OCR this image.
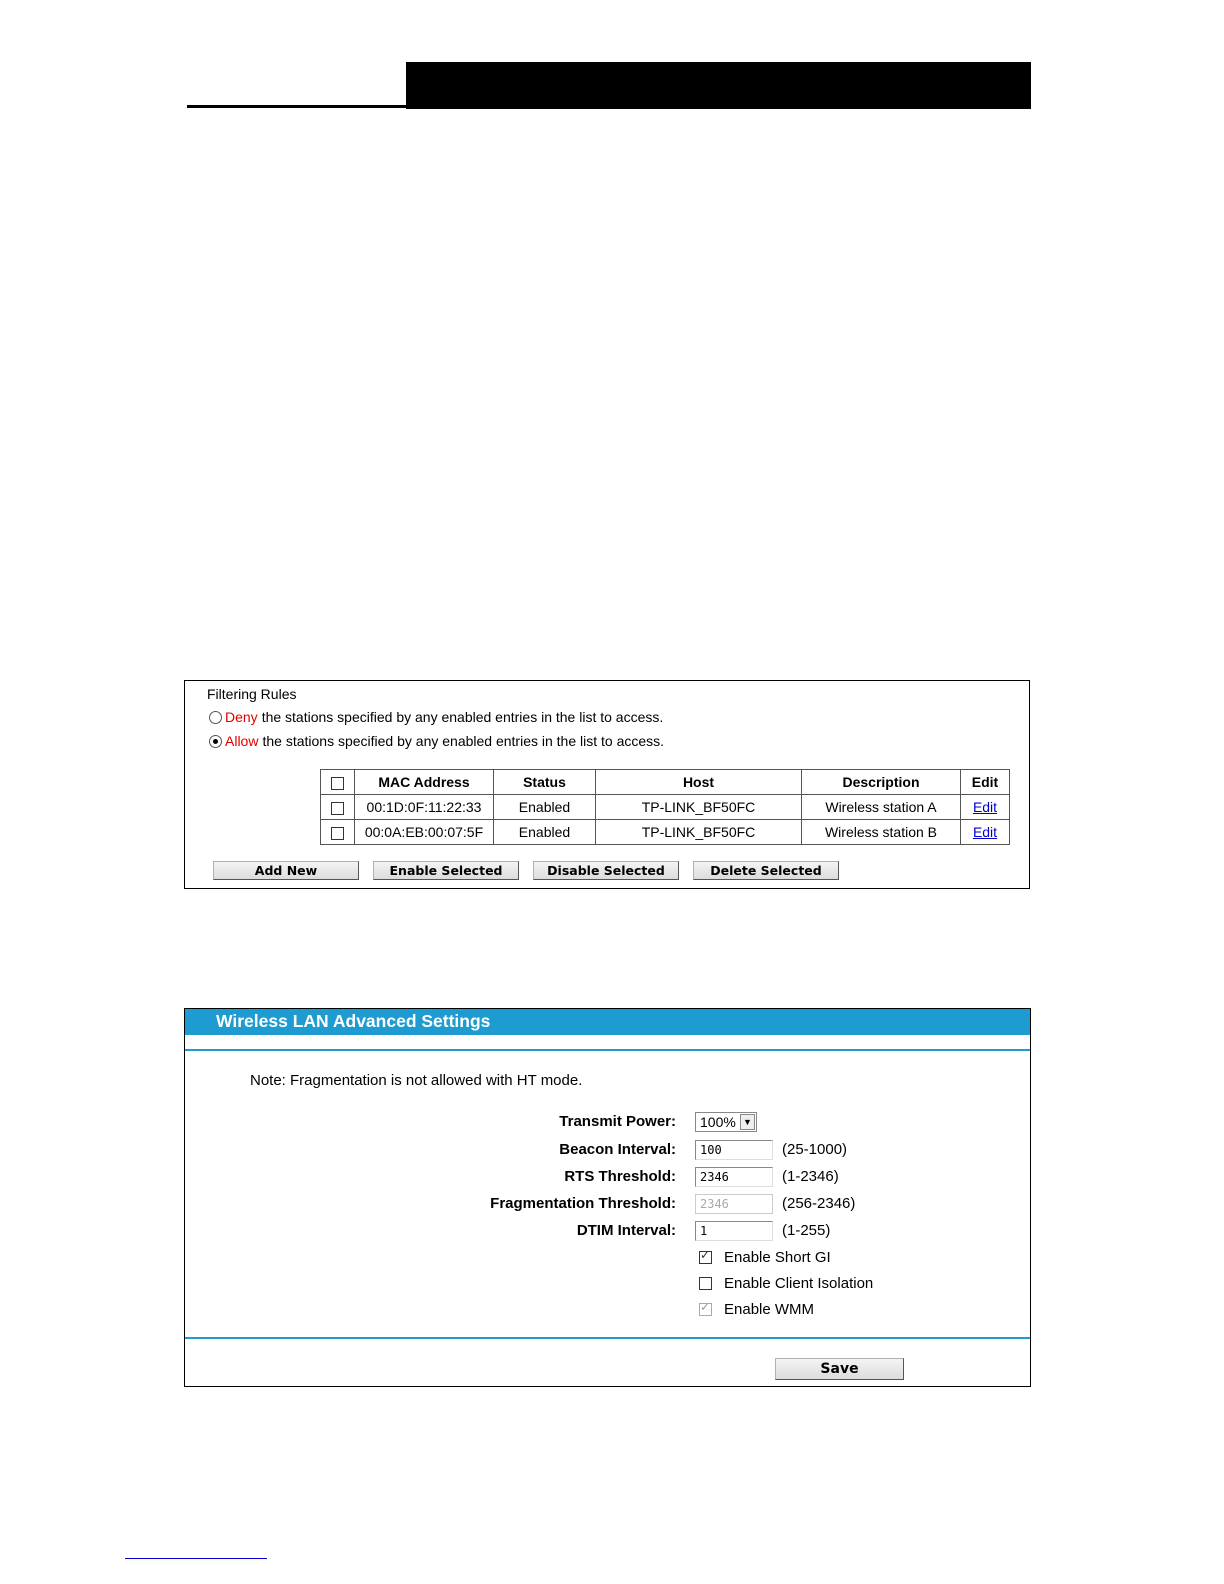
Filtering Rules
Deny the stations specified by any enabled entries in the list to access.
Allow the stations specified by any enabled entries in the list to access.
	MAC Address	Status	Host	Description	Edit
	00:1D:0F:11:22:33	Enabled	TP-LINK_BF50FC	Wireless station A	Edit
	00:0A:EB:00:07:5F	Enabled	TP-LINK_BF50FC	Wireless station B	Edit
Add New	Enable Selected	Disable Selected	Delete Selected
Wireless LAN Advanced Settings
Note: Fragmentation is not allowed with HT mode.
Transmit Power: 100% ▼
Beacon Interval:
100	(25-1000)
RTS Threshold:
2346	(1-2346)
Fragmentation Threshold:
2346	(256-2346)
DTIM Interval:
1	(1-255)
✓
Enable Short GI
Enable Client Isolation
✓
Enable WMM
Save
